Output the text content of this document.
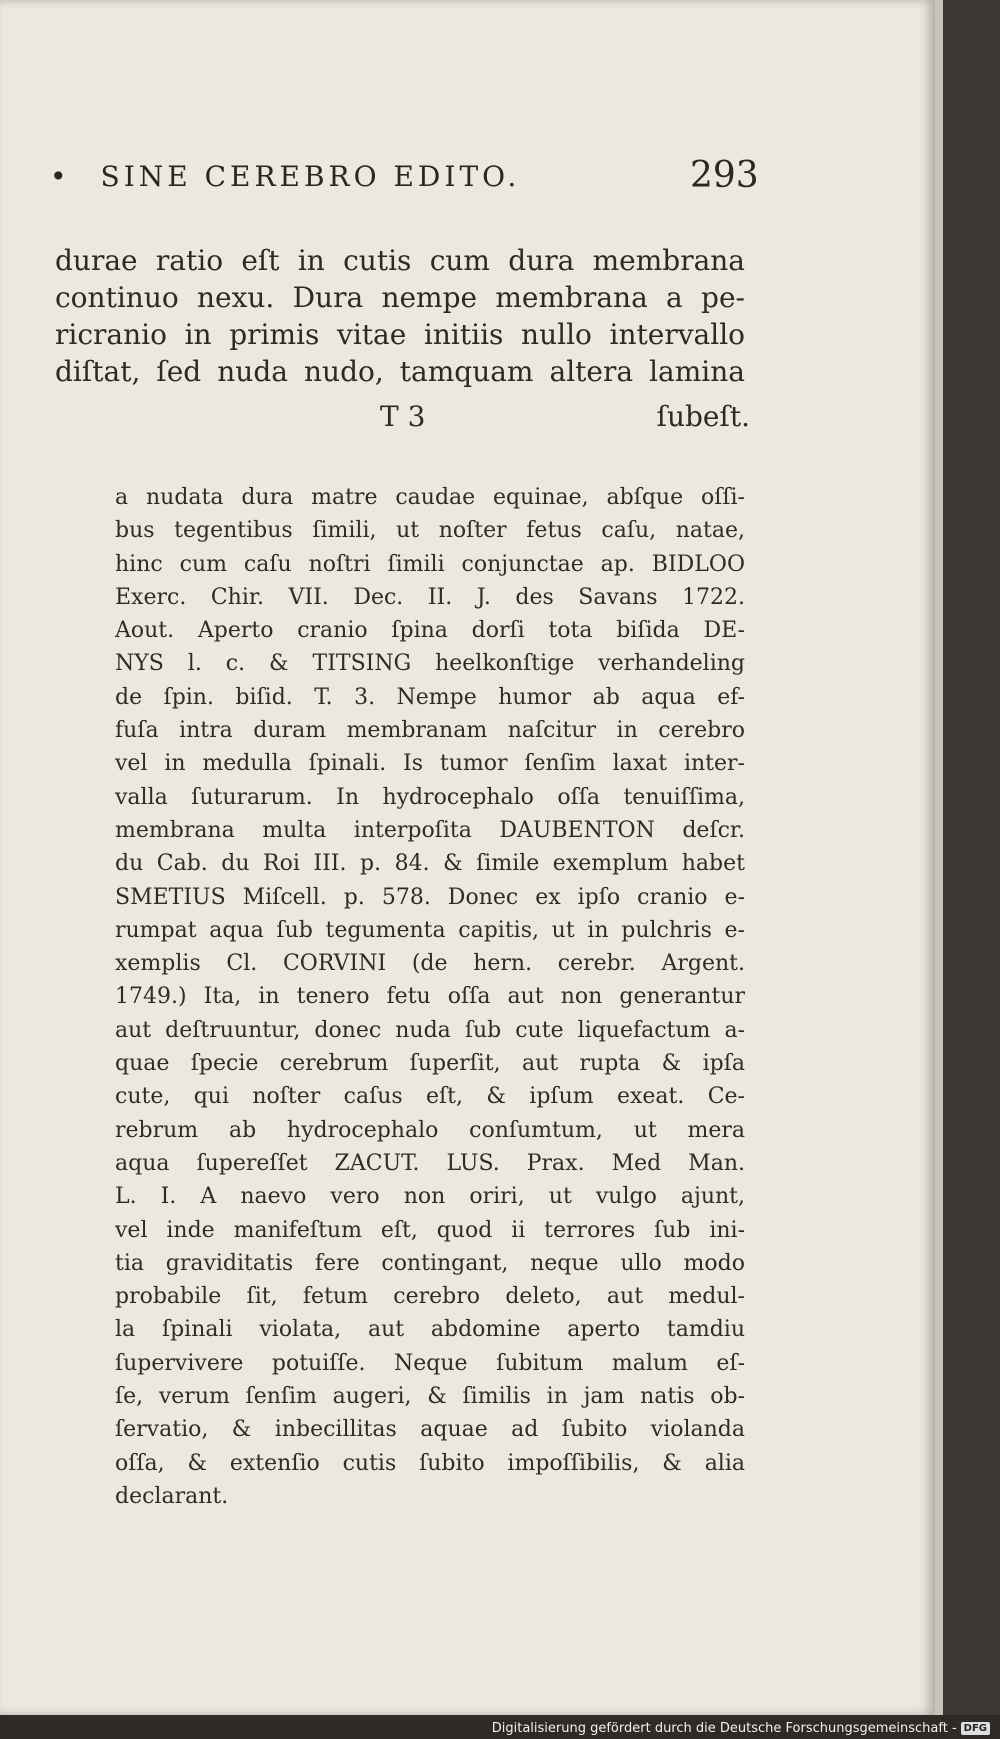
• SINE CEREBRO EDITO.	293
durae ratio eſt in cutis cum dura membrana
continuo nexu. Dura nempe membrana a pe-
ricranio in primis vitae initiis nullo intervallo
diſtat, ſed nuda nudo, tamquam altera lamina
T 3	ſubeſt.
a nudata dura matre caudae equinae, abſque oſſi-
bus tegentibus ſimili, ut noſter fetus caſu, natae,
hinc cum caſu noſtri ſimili conjunctae ap. BIDLOO
Exerc. Chir. VII. Dec. II. J. des Savans 1722.
Aout. Aperto cranio ſpina dorſi tota biſida DE-
NYS l. c. & TITSING heelkonſtige verhandeling
de ſpin. biſid. T. 3. Nempe humor ab aqua ef-
fuſa intra duram membranam naſcitur in cerebro
vel in medulla ſpinali. Is tumor ſenſim laxat inter-
valla ſuturarum. In hydrocephalo oſſa tenuiſſima,
membrana multa interpoſita DAUBENTON deſcr.
du Cab. du Roi III. p. 84. & ſimile exemplum habet
SMETIUS Miſcell. p. 578. Donec ex ipſo cranio e-
rumpat aqua ſub tegumenta capitis, ut in pulchris e-
xemplis Cl. CORVINI (de hern. cerebr. Argent.
1749.) Ita, in tenero fetu oſſa aut non generantur
aut deſtruuntur, donec nuda ſub cute liquefactum a-
quae ſpecie cerebrum ſuperſit, aut rupta & ipſa
cute, qui noſter caſus eſt, & ipſum exeat. Ce-
rebrum ab hydrocephalo conſumtum, ut mera
aqua ſupereſſet ZACUT. LUS. Prax. Med Man.
L. I. A naevo vero non oriri, ut vulgo ajunt,
vel inde manifeſtum eſt, quod ii terrores ſub ini-
tia graviditatis fere contingant, neque ullo modo
probabile ſit, fetum cerebro deleto, aut medul-
la ſpinali violata, aut abdomine aperto tamdiu
ſupervivere potuiſſe. Neque ſubitum malum eſ-
ſe, verum ſenſim augeri, & ſimilis in jam natis ob-
ſervatio, & inbecillitas aquae ad ſubito violanda
oſſa, & extenſio cutis ſubito impoſſibilis, & alia
declarant.
Digitalisierung gefördert durch die Deutsche Forschungsgemeinschaft - DFG
